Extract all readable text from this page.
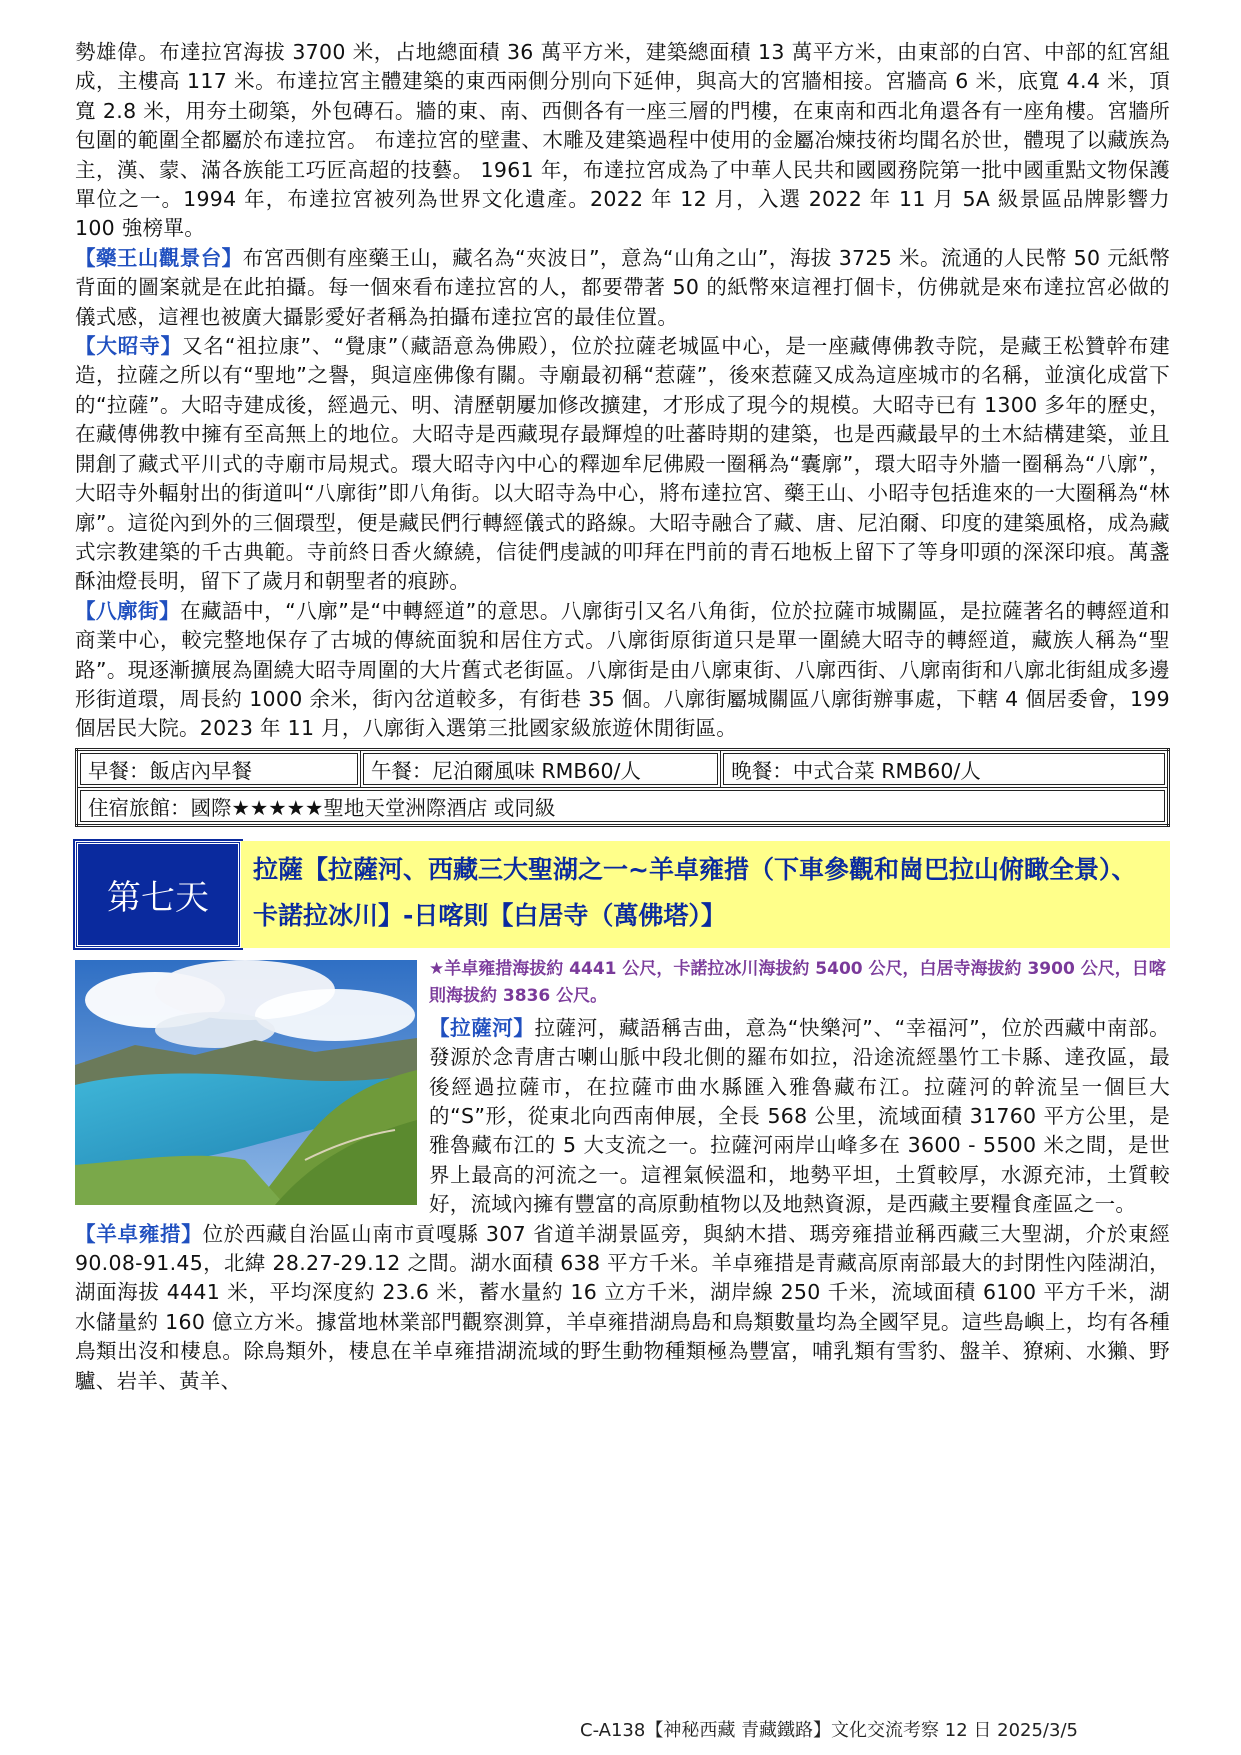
勢雄偉。布達拉宮海拔 3700 米，占地總面積 36 萬平方米，建築總面積 13 萬平方米，由東部的白宮、中部的紅宮組成，主樓高 117 米。布達拉宮主體建築的東西兩側分別向下延伸，與高大的宮牆相接。宮牆高 6 米，底寬 4.4 米，頂寬 2.8 米，用夯土砌築，外包磚石。牆的東、南、西側各有一座三層的門樓，在東南和西北角還各有一座角樓。宮牆所包圍的範圍全都屬於布達拉宮。 布達拉宮的壁畫、木雕及建築過程中使用的金屬冶煉技術均聞名於世，體現了以藏族為主，漢、蒙、滿各族能工巧匠高超的技藝。 1961 年，布達拉宮成為了中華人民共和國國務院第一批中國重點文物保護單位之一。1994 年，布達拉宮被列為世界文化遺產。2022 年 12 月，入選 2022 年 11 月 5A 級景區品牌影響力 100 強榜單。

【藥王山觀景台】布宮西側有座藥王山，藏名為“夾波日”，意為“山角之山”，海拔 3725 米。流通的人民幣 50 元紙幣背面的圖案就是在此拍攝。每一個來看布達拉宮的人，都要帶著 50 的紙幣來這裡打個卡，仿佛就是來布達拉宮必做的儀式感，這裡也被廣大攝影愛好者稱為拍攝布達拉宮的最佳位置。

【大昭寺】又名“祖拉康”、“覺康”（藏語意為佛殿），位於拉薩老城區中心，是一座藏傳佛教寺院，是藏王松贊幹布建造，拉薩之所以有“聖地”之譽，與這座佛像有關。寺廟最初稱“惹薩”，後來惹薩又成為這座城市的名稱，並演化成當下的“拉薩”。大昭寺建成後，經過元、明、清歷朝屢加修改擴建，才形成了現今的規模。大昭寺已有 1300 多年的歷史，在藏傳佛教中擁有至高無上的地位。大昭寺是西藏現存最輝煌的吐蕃時期的建築，也是西藏最早的土木結構建築，並且開創了藏式平川式的寺廟市局規式。環大昭寺內中心的釋迦牟尼佛殿一圈稱為“囊廓”，環大昭寺外牆一圈稱為“八廓”，大昭寺外輻射出的街道叫“八廓街”即八角街。以大昭寺為中心，將布達拉宮、藥王山、小昭寺包括進來的一大圈稱為“林廓”。這從內到外的三個環型，便是藏民們行轉經儀式的路線。大昭寺融合了藏、唐、尼泊爾、印度的建築風格，成為藏式宗教建築的千古典範。寺前終日香火繚繞，信徒們虔誠的叩拜在門前的青石地板上留下了等身叩頭的深深印痕。萬盞酥油燈長明，留下了歲月和朝聖者的痕跡。

【八廓街】在藏語中，“八廓”是“中轉經道”的意思。八廓街引又名八角街，位於拉薩市城關區，是拉薩著名的轉經道和商業中心，較完整地保存了古城的傳統面貌和居住方式。八廓街原街道只是單一圍繞大昭寺的轉經道，藏族人稱為“聖路”。現逐漸擴展為圍繞大昭寺周圍的大片舊式老街區。八廓街是由八廓東街、八廓西街、八廓南街和八廓北街組成多邊形街道環，周長約 1000 余米，街內岔道較多，有街巷 35 個。八廓街屬城關區八廓街辦事處，下轄 4 個居委會，199 個居民大院。2023 年 11 月，八廓街入選第三批國家級旅遊休閒街區。

早餐：飯店內早餐	午餐：尼泊爾風味 RMB60/人	晚餐：中式合菜 RMB60/人
住宿旅館：國際★★★★★聖地天堂洲際酒店 或同級
第七天
拉薩【拉薩河、西藏三大聖湖之一~羊卓雍措（下車參觀和崗巴拉山俯瞰全景）、卡諾拉冰川】-日喀則【白居寺（萬佛塔）】

★羊卓雍措海拔約 4441 公尺，卡諾拉冰川海拔約 5400 公尺，白居寺海拔約 3900 公尺，日喀則海拔約 3836 公尺。

【拉薩河】拉薩河，藏語稱吉曲，意為“快樂河”、“幸福河”，位於西藏中南部。發源於念青唐古喇山脈中段北側的羅布如拉，沿途流經墨竹工卡縣、達孜區，最後經過拉薩市，在拉薩市曲水縣匯入雅魯藏布江。拉薩河的幹流呈一個巨大的“S”形，從東北向西南伸展，全長 568 公里，流域面積 31760 平方公里，是雅魯藏布江的 5 大支流之一。拉薩河兩岸山峰多在 3600 - 5500 米之間，是世界上最高的河流之一。這裡氣候溫和，地勢平坦，土質較厚，水源充沛，土質較好，流域內擁有豐富的高原動植物以及地熱資源，是西藏主要糧食產區之一。

【羊卓雍措】位於西藏自治區山南市貢嘎縣 307 省道羊湖景區旁，與納木措、瑪旁雍措並稱西藏三大聖湖，介於東經 90.08-91.45，北緯 28.27-29.12 之間。湖水面積 638 平方千米。羊卓雍措是青藏高原南部最大的封閉性內陸湖泊，湖面海拔 4441 米，平均深度約 23.6 米，蓄水量約 16 立方千米，湖岸線 250 千米，流域面積 6100 平方千米，湖水儲量約 160 億立方米。據當地林業部門觀察測算，羊卓雍措湖鳥島和鳥類數量均為全國罕見。這些島嶼上，均有各種鳥類出沒和棲息。除鳥類外，棲息在羊卓雍措湖流域的野生動物種類極為豐富，哺乳類有雪豹、盤羊、獠痢、水獺、野驢、岩羊、黃羊、

C-A138【神秘西藏 青藏鐵路】文化交流考察 12 日 2025/3/5
